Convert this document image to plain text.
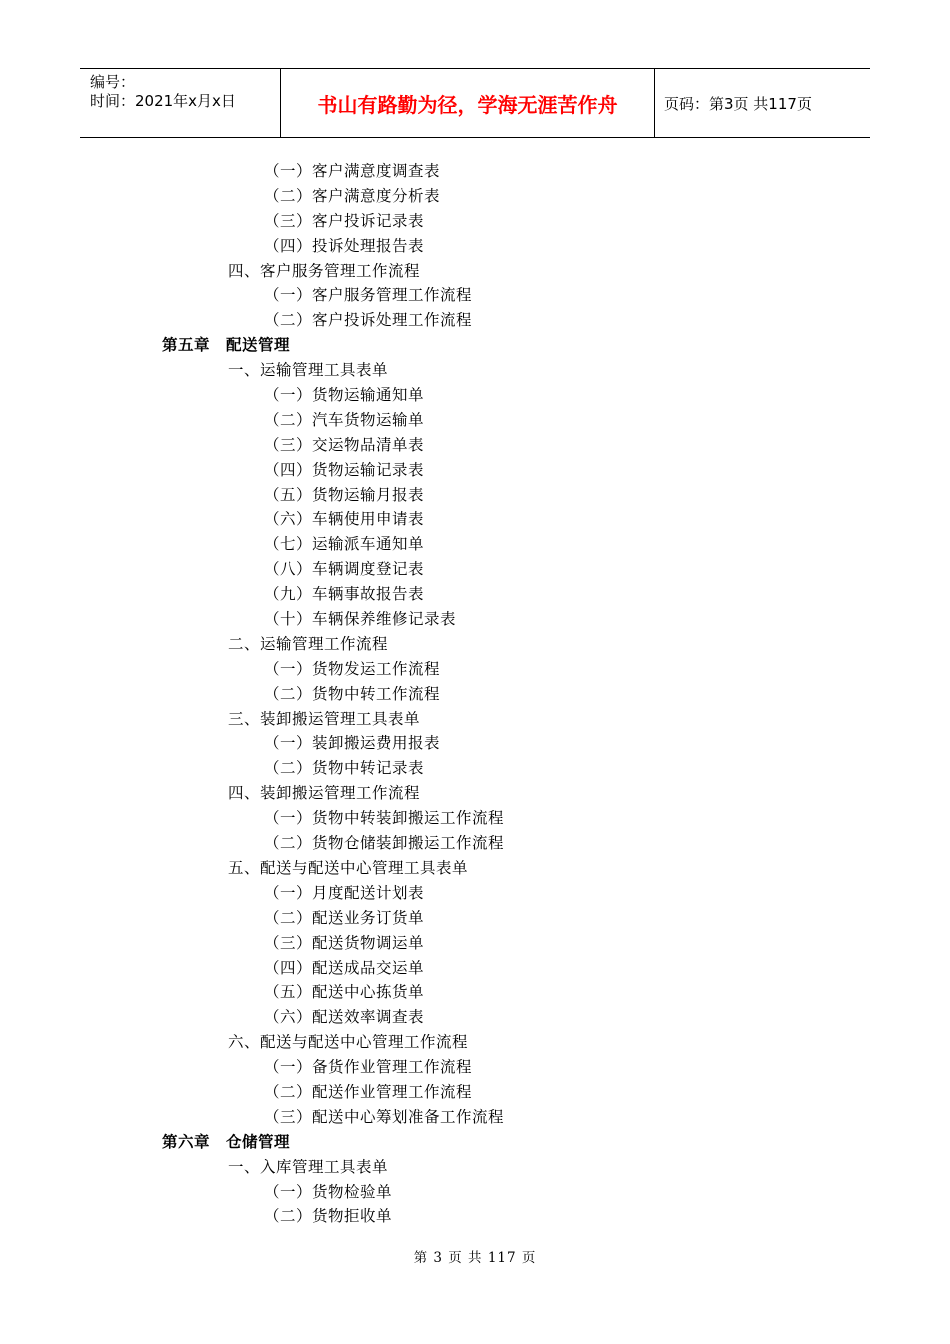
编号：
时间：2021年x月x日	书山有路勤为径，学海无涯苦作舟	页码：第3页 共117页
（一）客户满意度调查表
（二）客户满意度分析表
（三）客户投诉记录表
（四）投诉处理报告表
四、客户服务管理工作流程
（一）客户服务管理工作流程
（二）客户投诉处理工作流程
第五章　配送管理
一、运输管理工具表单
（一）货物运输通知单
（二）汽车货物运输单
（三）交运物品清单表
（四）货物运输记录表
（五）货物运输月报表
（六）车辆使用申请表
（七）运输派车通知单
（八）车辆调度登记表
（九）车辆事故报告表
（十）车辆保养维修记录表
二、运输管理工作流程
（一）货物发运工作流程
（二）货物中转工作流程
三、装卸搬运管理工具表单
（一）装卸搬运费用报表
（二）货物中转记录表
四、装卸搬运管理工作流程
（一）货物中转装卸搬运工作流程
（二）货物仓储装卸搬运工作流程
五、配送与配送中心管理工具表单
（一）月度配送计划表
（二）配送业务订货单
（三）配送货物调运单
（四）配送成品交运单
（五）配送中心拣货单
（六）配送效率调查表
六、配送与配送中心管理工作流程
（一）备货作业管理工作流程
（二）配送作业管理工作流程
（三）配送中心筹划准备工作流程
第六章　仓储管理
一、入库管理工具表单
（一）货物检验单
（二）货物拒收单
第 3 页 共 117 页
